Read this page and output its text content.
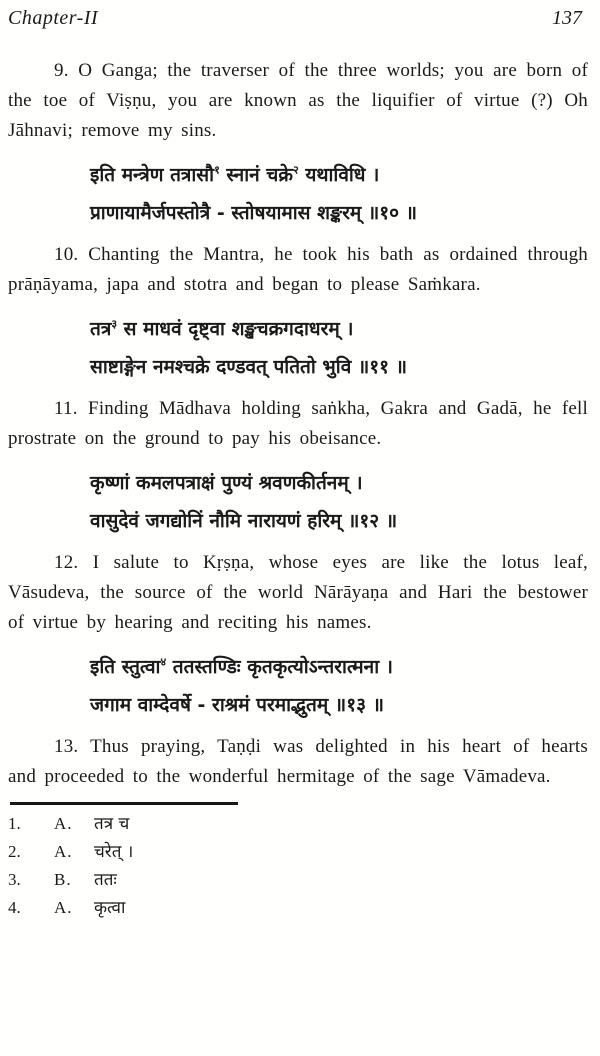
Chapter-II	137

9. O Ganga; the traverser of the three worlds; you are born of the toe of Viṣṇu, you are known as the liquifier of virtue (?) Oh Jāhnavi; remove my sins.

इति मन्त्रेण तत्रासौ$^१$ स्नानं चक्रे$^२$ यथाविधि ।
प्राणायामैर्जपस्तोत्रै - स्तोषयामास शङ्करम् ॥१० ॥

10. Chanting the Mantra, he took his bath as ordained through prāṇāyama, japa and stotra and began to please Saṁkara.

तत्र$^३$ स माधवं दृष्ट्वा शङ्खचक्रगदाधरम् ।
साष्टाङ्गेन नमश्चक्रे दण्डवत् पतितो भुवि ॥११ ॥

11. Finding Mādhava holding saṅkha, Gakra and Gadā, he fell prostrate on the ground to pay his obeisance.

कृष्णां कमलपत्राक्षं पुण्यं श्रवणकीर्तनम् ।
वासुदेवं जगद्योनिं नौमि नारायणं हरिम् ॥१२ ॥

12. I salute to Kṛṣṇa, whose eyes are like the lotus leaf, Vāsudeva, the source of the world Nārāyaṇa and Hari the bestower of virtue by hearing and reciting his names.

इति स्तुत्वा$^४$ ततस्तण्डिः कृतकृत्योऽन्तरात्मना ।
जगाम वाम्देवर्षे - राश्रमं परमाद्भुतम् ॥१३ ॥

13. Thus praying, Taṇḍi was delighted in his heart of hearts and proceeded to the wonderful hermitage of the sage Vāmadeva.

1.	A.	तत्र च
2.	A.	चरेत् ।
3.	B.	ततः
4.	A.	कृत्वा
